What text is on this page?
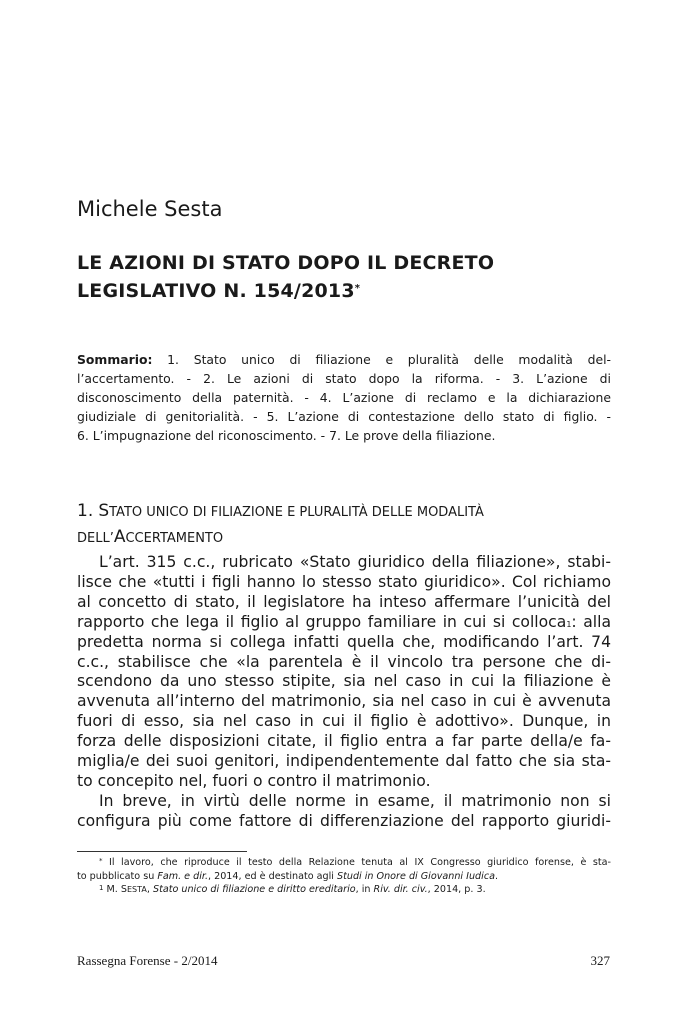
Michele Sesta
LE AZIONI DI STATO DOPO IL DECRETO
LEGISLATIVO N. 154/2013*
Sommario: 1. Stato unico di filiazione e pluralità delle modalità del-
l’accertamento. - 2. Le azioni di stato dopo la riforma. - 3. L’azione di
disconoscimento della paternità. - 4. L’azione di reclamo e la dichiarazione
giudiziale di genitorialità. - 5. L’azione di contestazione dello stato di figlio. -
6. L’impugnazione del riconoscimento. - 7. Le prove della filiazione.
1. STATO UNICO DI FILIAZIONE E PLURALITÀ DELLE MODALITÀ
DELL’ACCERTAMENTO
L’art. 315 c.c., rubricato «Stato giuridico della filiazione», stabi-
lisce che «tutti i figli hanno lo stesso stato giuridico». Col richiamo
al concetto di stato, il legislatore ha inteso affermare l’unicità del
rapporto che lega il figlio al gruppo familiare in cui si colloca$^1$: alla
predetta norma si collega infatti quella che, modificando l’art. 74
c.c., stabilisce che «la parentela è il vincolo tra persone che di-
scendono da uno stesso stipite, sia nel caso in cui la filiazione è
avvenuta all’interno del matrimonio, sia nel caso in cui è avvenuta
fuori di esso, sia nel caso in cui il figlio è adottivo». Dunque, in
forza delle disposizioni citate, il figlio entra a far parte della/e fa-
miglia/e dei suoi genitori, indipendentemente dal fatto che sia sta-
to concepito nel, fuori o contro il matrimonio.
In breve, in virtù delle norme in esame, il matrimonio non si
configura più come fattore di differenziazione del rapporto giuridi-
* Il lavoro, che riproduce il testo della Relazione tenuta al IX Congresso giuridico forense, è sta-
to pubblicato su Fam. e dir., 2014, ed è destinato agli Studi in Onore di Giovanni Iudica.
$^1$ M. SESTA, Stato unico di filiazione e diritto ereditario, in Riv. dir. civ., 2014, p. 3.
Rassegna Forense - 2/2014	327
